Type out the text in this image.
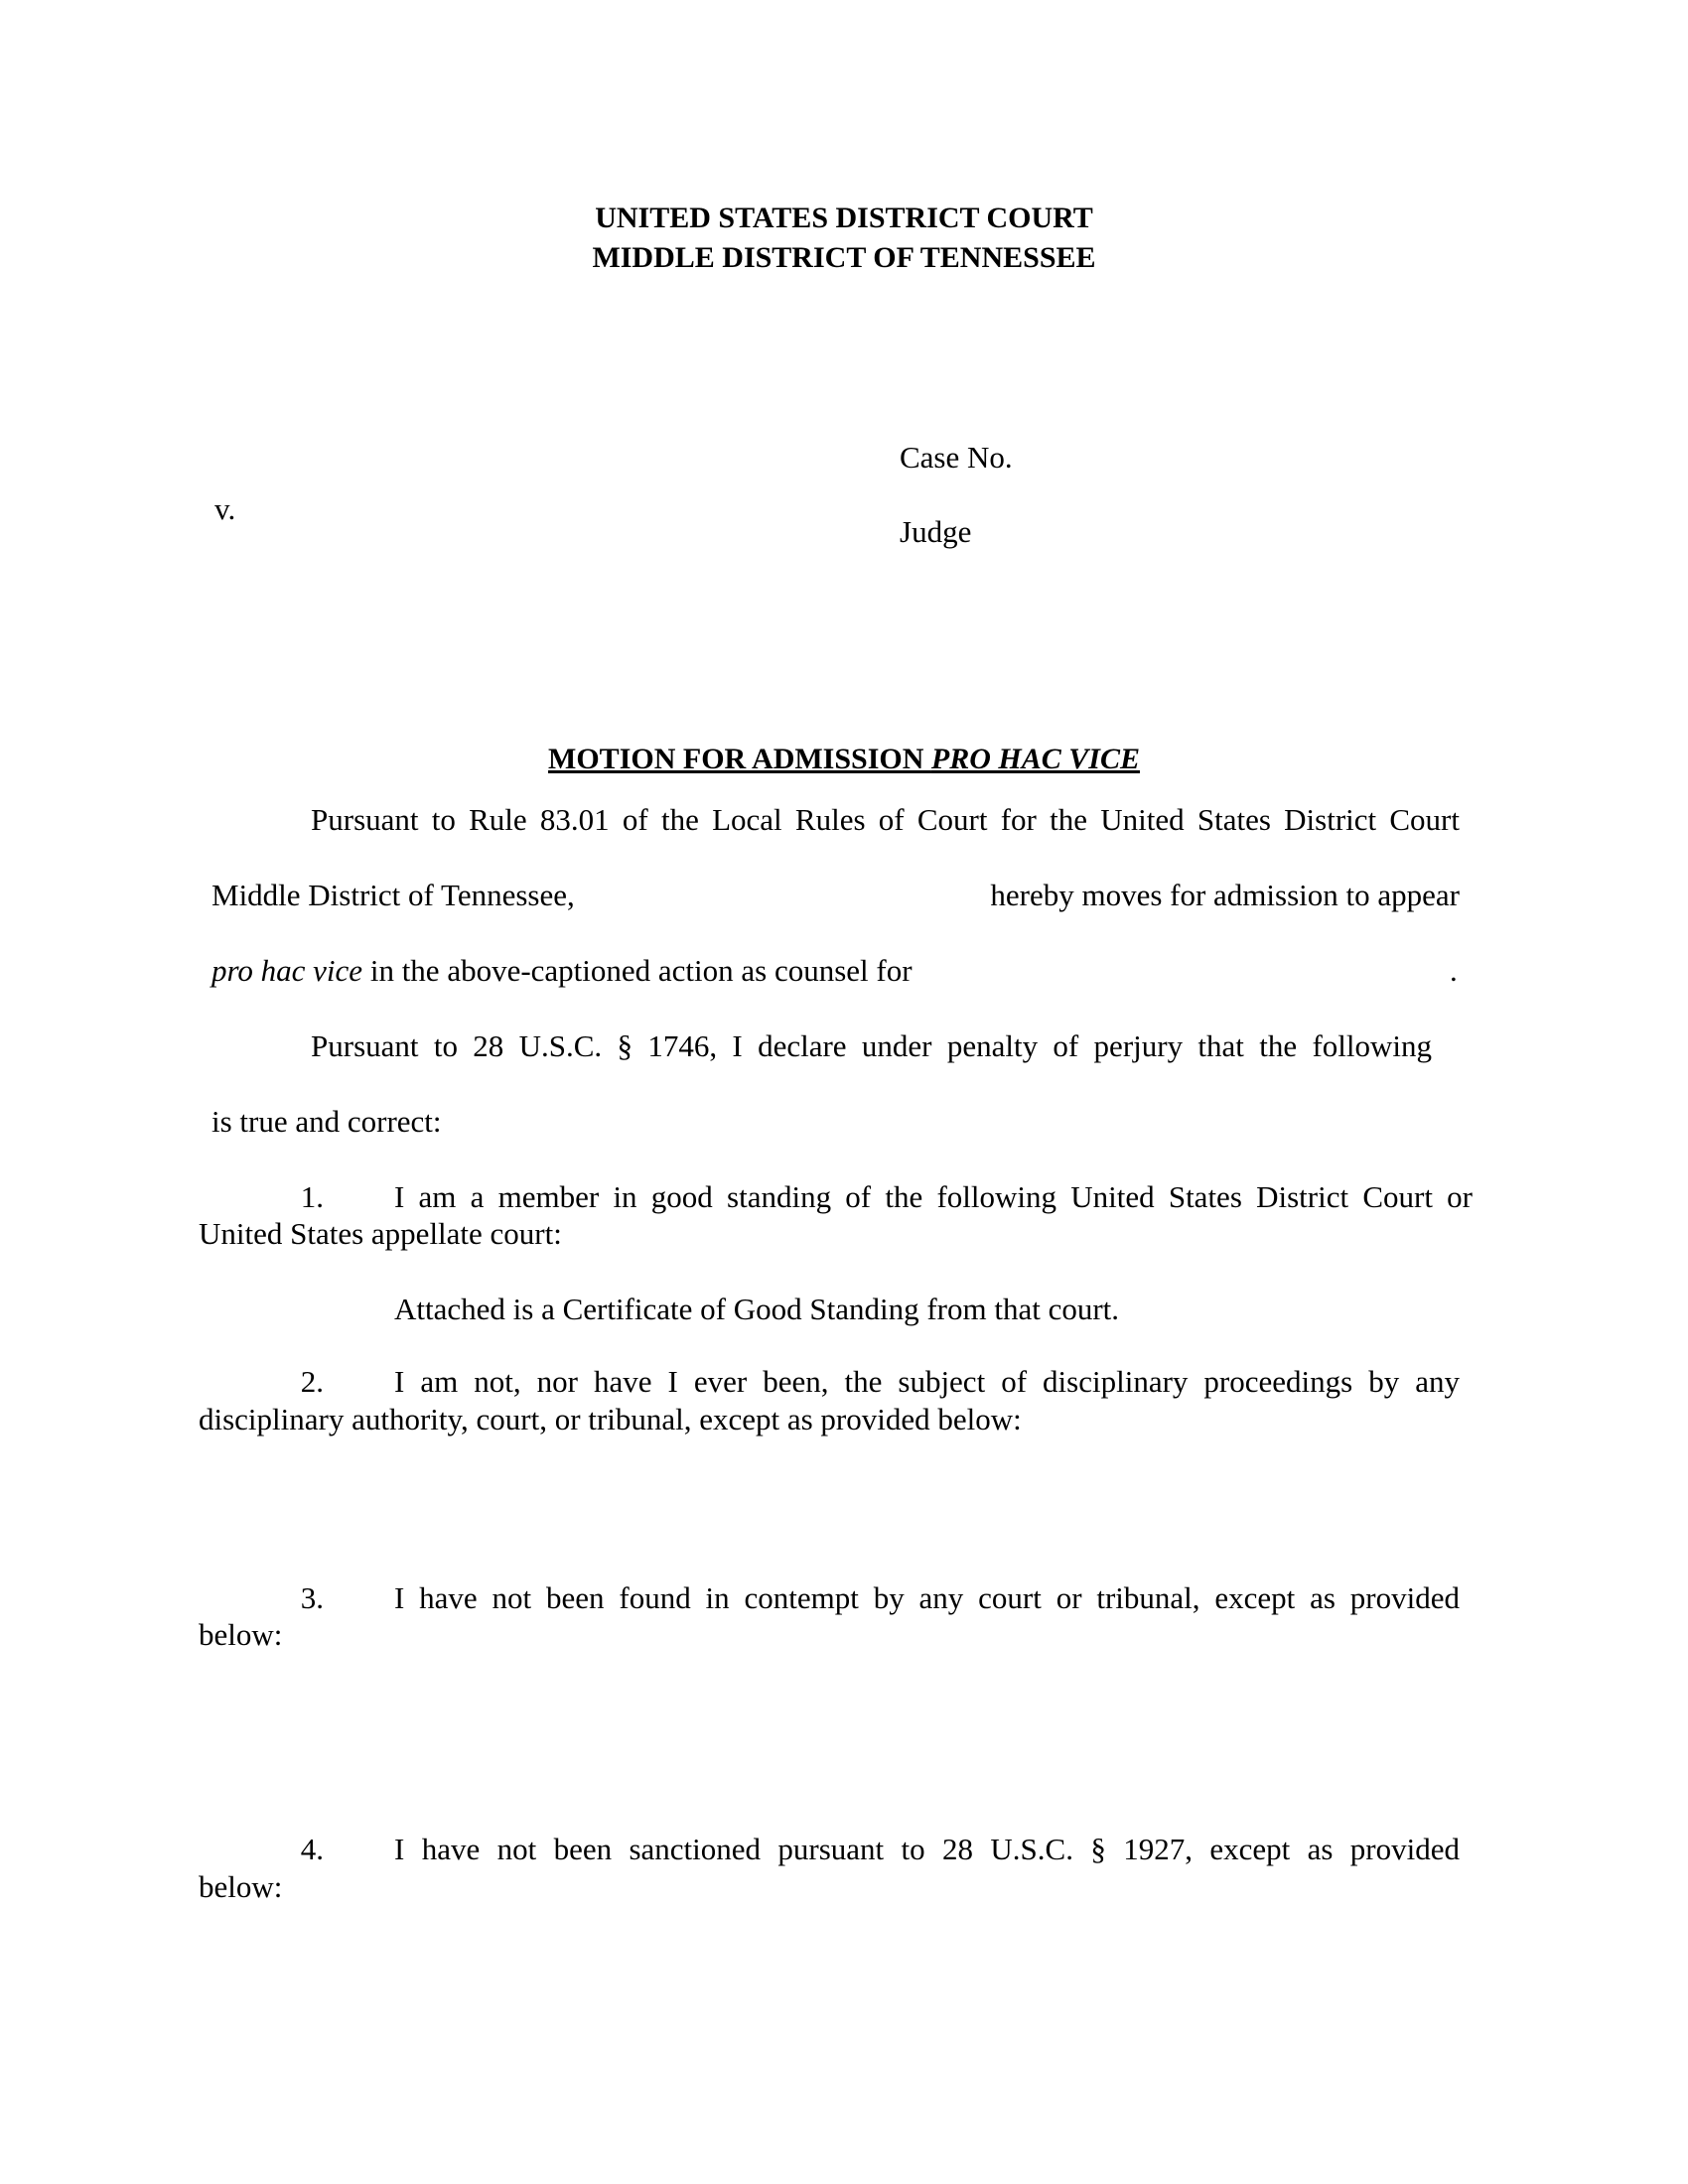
UNITED STATES DISTRICT COURT
MIDDLE DISTRICT OF TENNESSEE
Case No.
v.
Judge
MOTION FOR ADMISSION PRO HAC VICE
Pursuant to Rule 83.01 of the Local Rules of Court for the United States District Court
Middle District of Tennessee,	hereby moves for admission to appear
pro hac vice in the above-captioned action as counsel for	.
Pursuant to 28 U.S.C. § 1746, I declare under penalty of perjury that the following
is true and correct:
1. I am a member in good standing of the following United States District Court or
United States appellate court:
Attached is a Certificate of Good Standing from that court.
2. I am not, nor have I ever been, the subject of disciplinary proceedings by any
disciplinary authority, court, or tribunal, except as provided below:
3. I have not been found in contempt by any court or tribunal, except as provided
below:
4. I have not been sanctioned pursuant to 28 U.S.C. § 1927, except as provided
below:
